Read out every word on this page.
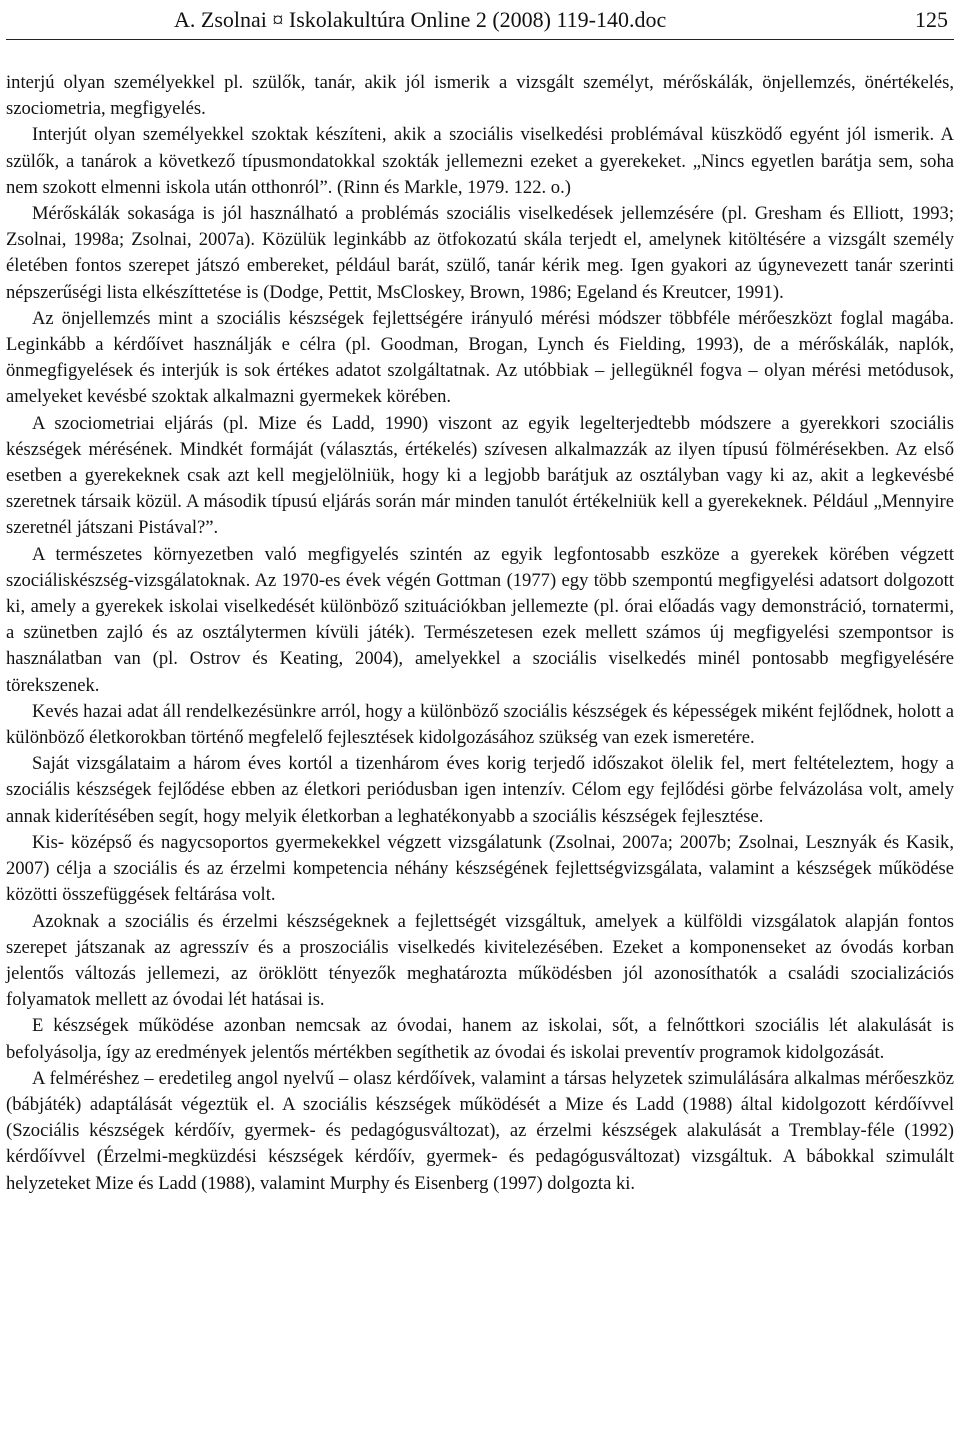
A. Zsolnai ¤ Iskolakultúra Online 2 (2008) 119-140.doc	125

interjú olyan személyekkel pl. szülők, tanár, akik jól ismerik a vizsgált személyt, mérőskálák, önjellemzés, önértékelés, szociometria, megfigyelés.

Interjút olyan személyekkel szoktak készíteni, akik a szociális viselkedési problémával küszködő egyént jól ismerik. A szülők, a tanárok a következő típusmondatokkal szokták jellemezni ezeket a gyerekeket. „Nincs egyetlen barátja sem, soha nem szokott elmenni iskola után otthonról”. (Rinn és Markle, 1979. 122. o.)

Mérőskálák sokasága is jól használható a problémás szociális viselkedések jellemzésére (pl. Gresham és Elliott, 1993; Zsolnai, 1998a; Zsolnai, 2007a). Közülük leginkább az ötfokozatú skála terjedt el, amelynek kitöltésére a vizsgált személy életében fontos szerepet játszó embereket, például barát, szülő, tanár kérik meg. Igen gyakori az úgynevezett tanár szerinti népszerűségi lista elkészíttetése is (Dodge, Pettit, MsCloskey, Brown, 1986; Egeland és Kreutcer, 1991).

Az önjellemzés mint a szociális készségek fejlettségére irányuló mérési módszer többféle mérőeszközt foglal magába. Leginkább a kérdőívet használják e célra (pl. Goodman, Brogan, Lynch és Fielding, 1993), de a mérőskálák, naplók, önmegfigyelések és interjúk is sok értékes adatot szolgáltatnak. Az utóbbiak – jellegüknél fogva – olyan mérési metódusok, amelyeket kevésbé szoktak alkalmazni gyermekek körében.

A szociometriai eljárás (pl. Mize és Ladd, 1990) viszont az egyik legelterjedtebb módszere a gyerekkori szociális készségek mérésének. Mindkét formáját (választás, értékelés) szívesen alkalmazzák az ilyen típusú fölmérésekben. Az első esetben a gyerekeknek csak azt kell megjelölniük, hogy ki a legjobb barátjuk az osztályban vagy ki az, akit a legkevésbé szeretnek társaik közül. A második típusú eljárás során már minden tanulót értékelniük kell a gyerekeknek. Például „Mennyire szeretnél játszani Pistával?”.

A természetes környezetben való megfigyelés szintén az egyik legfontosabb eszköze a gyerekek körében végzett szociáliskészség-vizsgálatoknak. Az 1970-es évek végén Gottman (1977) egy több szempontú megfigyelési adatsort dolgozott ki, amely a gyerekek iskolai viselkedését különböző szituációkban jellemezte (pl. órai előadás vagy demonstráció, tornatermi, a szünetben zajló és az osztálytermen kívüli játék). Természetesen ezek mellett számos új megfigyelési szempontsor is használatban van (pl. Ostrov és Keating, 2004), amelyekkel a szociális viselkedés minél pontosabb megfigyelésére törekszenek.

Kevés hazai adat áll rendelkezésünkre arról, hogy a különböző szociális készségek és képességek miként fejlődnek, holott a különböző életkorokban történő megfelelő fejlesztések kidolgozásához szükség van ezek ismeretére.

Saját vizsgálataim a három éves kortól a tizenhárom éves korig terjedő időszakot ölelik fel, mert feltételeztem, hogy a szociális készségek fejlődése ebben az életkori periódusban igen intenzív. Célom egy fejlődési görbe felvázolása volt, amely annak kiderítésében segít, hogy melyik életkorban a leghatékonyabb a szociális készségek fejlesztése.

Kis- középső és nagycsoportos gyermekekkel végzett vizsgálatunk (Zsolnai, 2007a; 2007b; Zsolnai, Lesznyák és Kasik, 2007) célja a szociális és az érzelmi kompetencia néhány készségének fejlettségvizsgálata, valamint a készségek működése közötti összefüggések feltárása volt.

Azoknak a szociális és érzelmi készségeknek a fejlettségét vizsgáltuk, amelyek a külföldi vizsgálatok alapján fontos szerepet játszanak az agresszív és a proszociális viselkedés kivitelezésében. Ezeket a komponenseket az óvodás korban jelentős változás jellemezi, az öröklött tényezők meghatározta működésben jól azonosíthatók a családi szocializációs folyamatok mellett az óvodai lét hatásai is.

E készségek működése azonban nemcsak az óvodai, hanem az iskolai, sőt, a felnőttkori szociális lét alakulását is befolyásolja, így az eredmények jelentős mértékben segíthetik az óvodai és iskolai preventív programok kidolgozását.

A felméréshez – eredetileg angol nyelvű – olasz kérdőívek, valamint a társas helyzetek szimulálására alkalmas mérőeszköz (bábjáték) adaptálását végeztük el. A szociális készségek működését a Mize és Ladd (1988) által kidolgozott kérdőívvel (Szociális készségek kérdőív, gyermek- és pedagógusváltozat), az érzelmi készségek alakulását a Tremblay-féle (1992) kérdőívvel (Érzelmi-megküzdési készségek kérdőív, gyermek- és pedagógusváltozat) vizsgáltuk. A bábokkal szimulált helyzeteket Mize és Ladd (1988), valamint Murphy és Eisenberg (1997) dolgozta ki.
